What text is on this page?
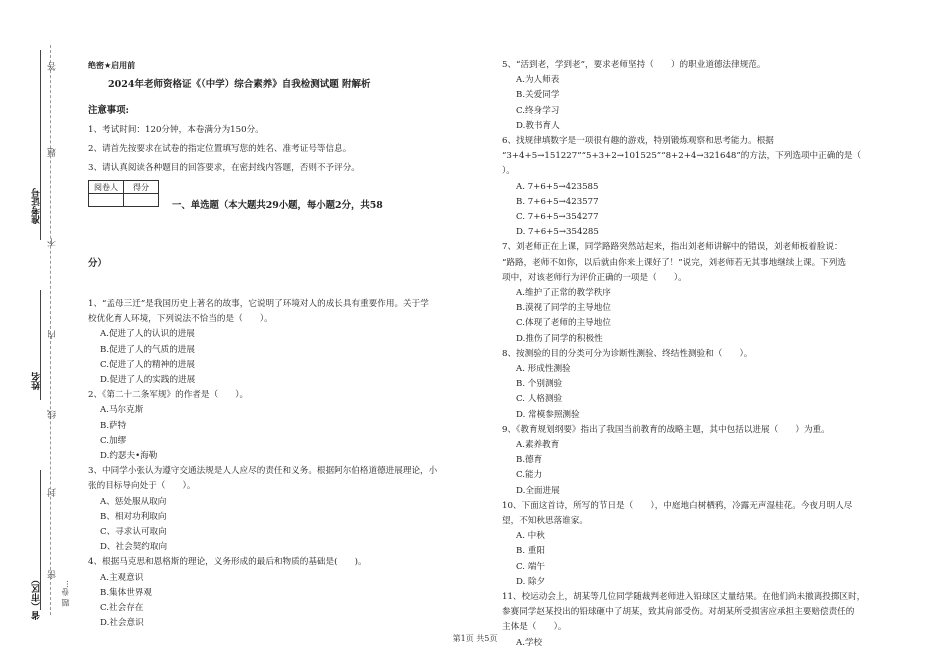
准考证号
姓名
省（市区）
答
题
不
内
线
封
密
题 卷…
绝密★启用前
2024年老师资格证《（中学）综合素养》自我检测试题 附解析
注意事项:
1、考试时间：120分钟，本卷满分为150分。
2、请首先按要求在试卷的指定位置填写您的姓名、准考证号等信息。
3、请认真阅读各种题目的回答要求，在密封线内答题，否则不予评分。
阅卷人	得分

一、单选题（本大题共29小题，每小题2分，共58
分）
1、“孟母三迁”是我国历史上著名的故事，它说明了环境对人的成长具有重要作用。关于学
校优化育人环境，下列说法不恰当的是（　　）。
A.促进了人的认识的进展
B.促进了人的气质的进展
C.促进了人的精神的进展
D.促进了人的实践的进展
2、《第二十二条军规》的作者是（　　）。
A.马尔克斯
B.萨特
C.加缪
D.约瑟夫•海勒
3、中同学小张认为遵守交通法规是人人应尽的责任和义务。根据阿尔伯格道德进展理论，小
张的目标导向处于（　　）。
A、惩处服从取向
B、相对功利取向
C、寻求认可取向
D、社会契约取向
4、根据马克思和恩格斯的理论，义务形成的最后和物质的基础是(　　)。
A.主观意识
B.集体世界观
C.社会存在
D.社会意识
5、“活到老，学到老”，要求老师坚持（　　）的职业道德法律规范。
A.为人师表
B.关爱同学
C.终身学习
D.教书育人
6、找规律填数字是一项很有趣的游戏，特别锻炼观察和思考能力。根据
“3+4+5→151227”“5+3+2→101525”“8+2+4→321648”的方法，下列选项中正确的是（
）。
A. 7+6+5→423585
B. 7+6+5→423577
C. 7+6+5→354277
D. 7+6+5→354285
7、刘老师正在上课，同学路路突然站起来，指出刘老师讲解中的错误，刘老师板着脸说：
“路路，老师不如你，以后就由你来上课好了！”说完，刘老师若无其事地继续上课。下列选
项中，对该老师行为评价正确的一项是（　　）。
A.维护了正常的教学秩序
B.漠视了同学的主导地位
C.体现了老师的主导地位
D.推伤了同学的积极性
8、按测验的目的分类可分为诊断性测验、终结性测验和（　　）。
A. 形成性测验
B. 个别测验
C. 人格测验
D. 常模参照测验
9、《教育规划纲要》指出了我国当前教育的战略主题，其中包括以进展（　　）为重。
A.素养教育
B.德育
C.能力
D.全面进展
10、下面这首诗，所写的节日是（　　），中庭地白树栖鸦，冷露无声湿桂花。今夜月明人尽
望，不知秋思落谁家。
A. 中秋
B. 重阳
C. 端午
D. 除夕
11、校运动会上，胡某等几位同学随裁判老师进入铅球区丈量结果。在他们尚未撤离投掷区时，
参赛同学赵某投出的铅球砸中了胡某，致其肩部受伤。对胡某所受损害应承担主要赔偿责任的
主体是（　　）。
A.学校
第1页 共5页
